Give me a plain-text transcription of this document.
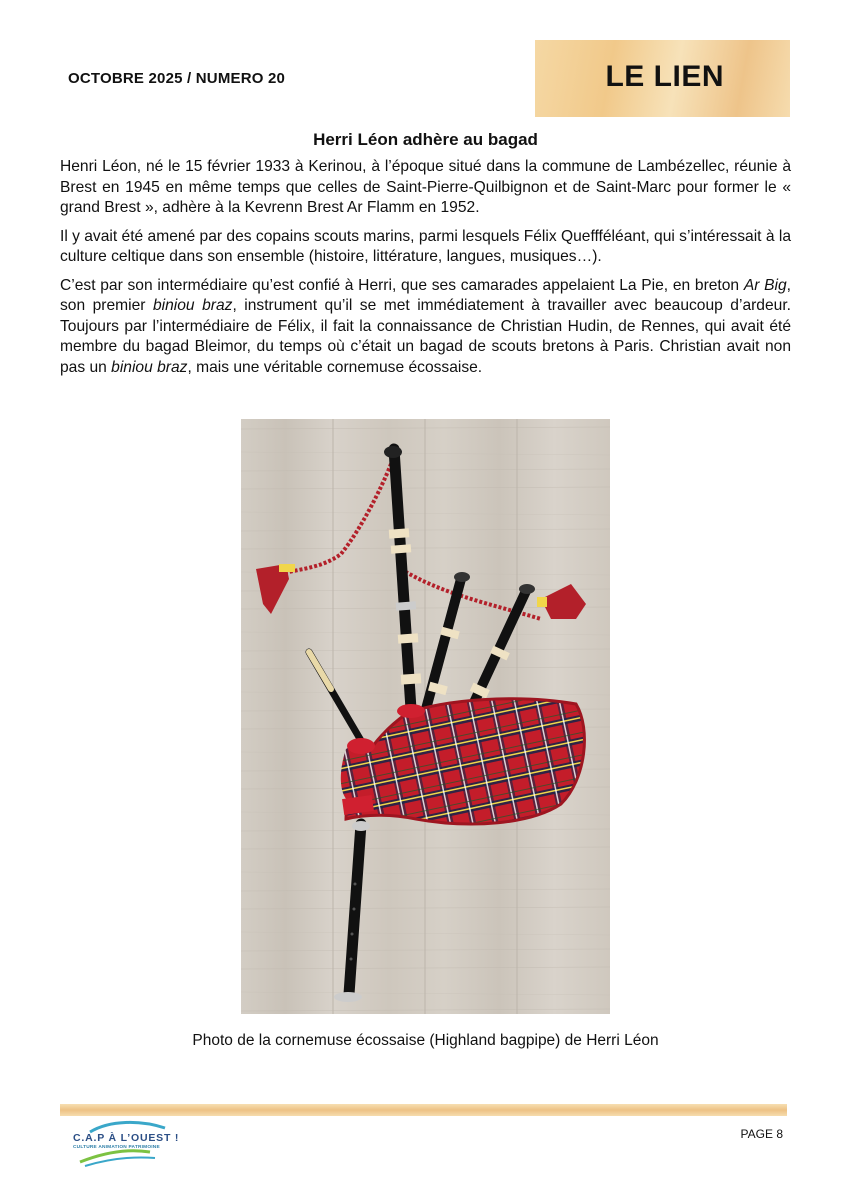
OCTOBRE 2025 / NUMERO 20	LE LIEN
Herri Léon adhère au bagad

Henri Léon, né le 15 février 1933 à Kerinou, à l’époque situé dans la commune de Lambézellec, réunie à Brest en 1945 en même temps que celles de Saint-Pierre-Quilbignon et de Saint-Marc pour former le « grand Brest », adhère à la Kevrenn Brest Ar Flamm en 1952.

Il y avait été amené par des copains scouts marins, parmi lesquels Félix Queffféléant, qui s’intéressait à la culture celtique dans son ensemble (histoire, littérature, langues, musiques…).

C’est par son intermédiaire qu’est confié à Herri, que ses camarades appelaient La Pie, en breton Ar Big, son premier biniou braz, instrument qu’il se met immédiatement à travailler avec beaucoup d’ardeur. Toujours par l’intermédiaire de Félix, il fait la connaissance de Christian Hudin, de Rennes, qui avait été membre du bagad Bleimor, du temps où c’était un bagad de scouts bretons à Paris. Christian avait non pas un biniou braz, mais une véritable cornemuse écossaise.

Photo de la cornemuse écossaise (Highland bagpipe) de Herri Léon
C.A.P À L’OUEST !
CULTURE ANIMATION PATRIMOINE
PAGE 8
